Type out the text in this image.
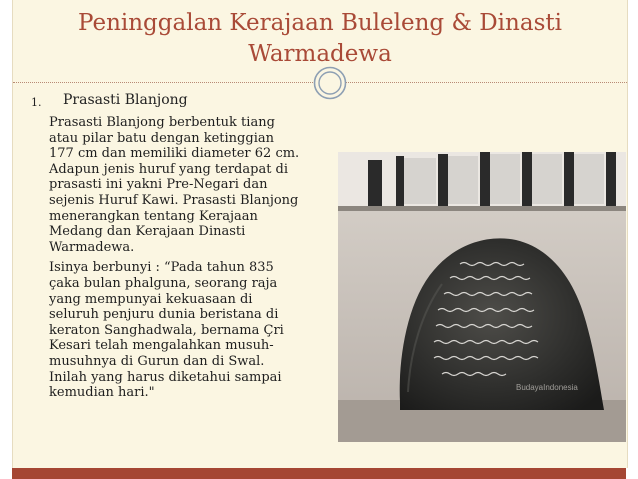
Peninggalan Kerajaan Buleleng & Dinasti
Warmadewa
1. Prasasti Blanjong

Prasasti Blanjong berbentuk tiang atau pilar batu dengan ketinggian 177 cm dan memiliki diameter 62 cm. Adapun jenis huruf yang terdapat di prasasti ini yakni Pre-Negari dan sejenis Huruf Kawi. Prasasti Blanjong menerangkan tentang Kerajaan Medang dan Kerajaan Dinasti Warmadewa.

Isinya berbunyi : “Pada tahun 835 çaka bulan phalguna, seorang raja yang mempunyai kekuasaan di seluruh penjuru dunia beristana di keraton Sanghadwala, bernama Çri Kesari telah mengalahkan musuh-musuhnya di Gurun dan di Swal. Inilah yang harus diketahui sampai kemudian hari."	BudayaIndonesia
